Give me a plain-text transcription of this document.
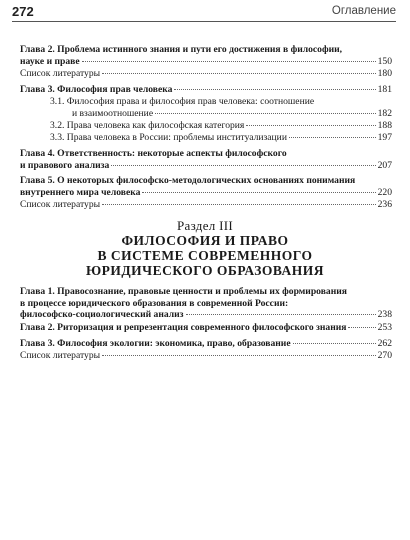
272	Оглавление
Глава 2. Проблема истинного знания и пути его достижения в философии,
науке и праве	150
Список литературы	180
Глава 3. Философия прав человека	181
3.1. Философия права и философия прав человека: соотношение
и взаимоотношение	182
3.2. Права человека как философская категория	188
3.3. Права человека в России: проблемы институализации	197
Глава 4. Ответственность: некоторые аспекты философского
и правового анализа	207
Глава 5. О некоторых философско-методологических основаниях понимания
внутреннего мира человека	220
Список литературы	236
Раздел III
ФИЛОСОФИЯ И ПРАВО
В СИСТЕМЕ СОВРЕМЕННОГО
ЮРИДИЧЕСКОГО ОБРАЗОВАНИЯ
Глава 1. Правосознание, правовые ценности и проблемы их формирования
в процессе юридического образования в современной России:
философско-социологический анализ	238
Глава 2. Риторизация и репрезентация современного философского знания	253
Глава 3. Философия экологии: экономика, право, образование	262
Список литературы	270
